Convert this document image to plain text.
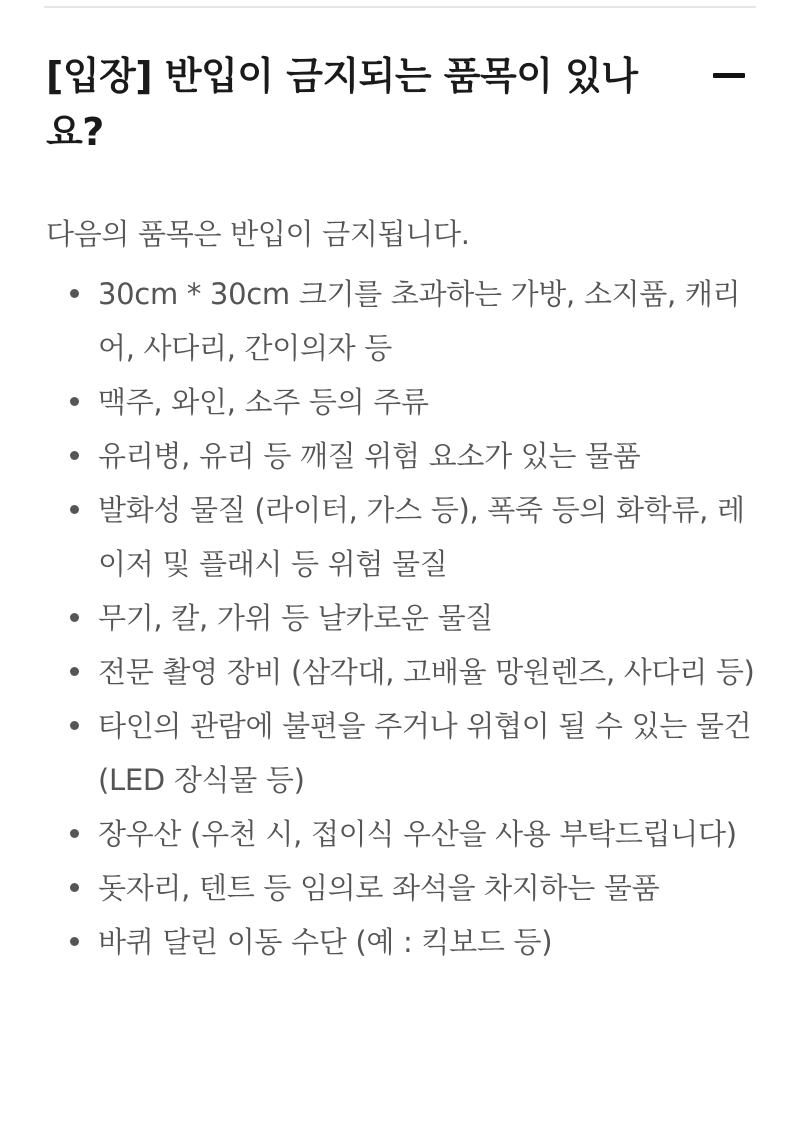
[입장] 반입이 금지되는 품목이 있나요?

다음의 품목은 반입이 금지됩니다.

30cm * 30cm 크기를 초과하는 가방, 소지품, 캐리어, 사다리, 간이의자 등
맥주, 와인, 소주 등의 주류
유리병, 유리 등 깨질 위험 요소가 있는 물품
발화성 물질 (라이터, 가스 등), 폭죽 등의 화학류, 레이저 및 플래시 등 위험 물질
무기, 칼, 가위 등 날카로운 물질
전문 촬영 장비 (삼각대, 고배율 망원렌즈, 사다리 등)
타인의 관람에 불편을 주거나 위협이 될 수 있는 물건 (LED 장식물 등)
장우산 (우천 시, 접이식 우산을 사용 부탁드립니다)
돗자리, 텐트 등 임의로 좌석을 차지하는 물품
바퀴 달린 이동 수단 (예 : 킥보드 등)
